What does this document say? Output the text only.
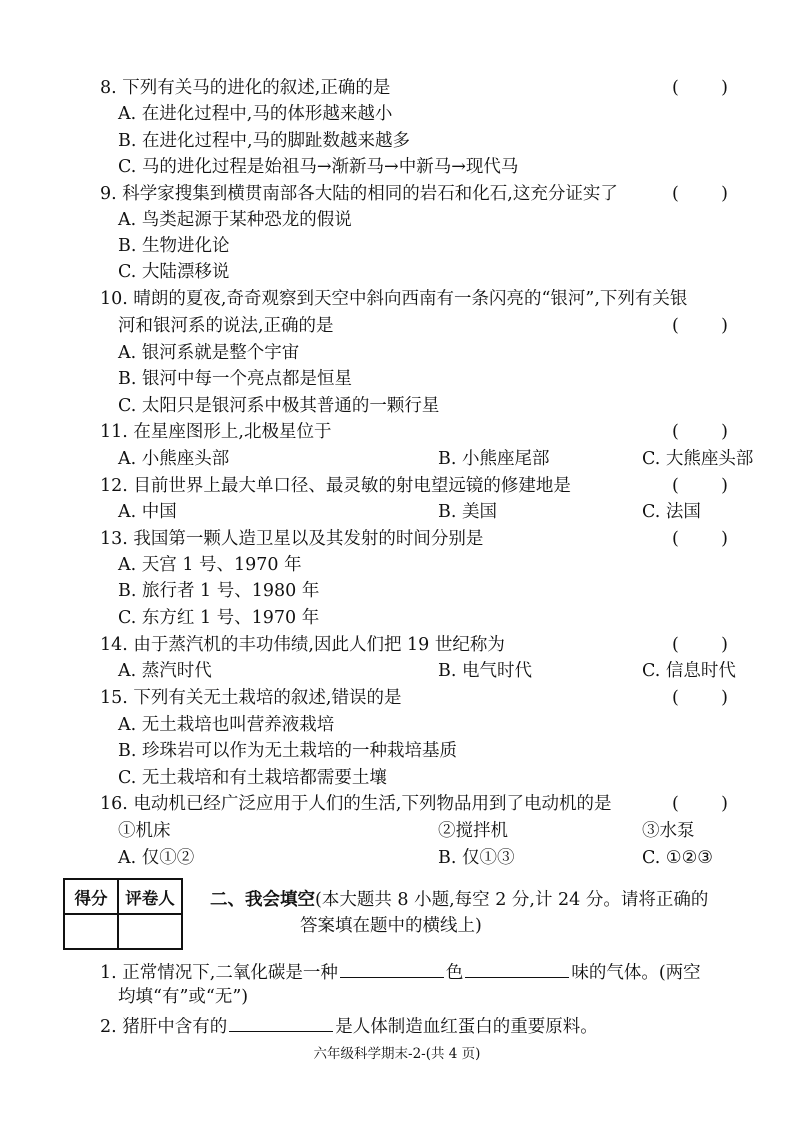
8. 下列有关马的进化的叙述,正确的是	( )
A. 在进化过程中,马的体形越来越小
B. 在进化过程中,马的脚趾数越来越多
C. 马的进化过程是始祖马→渐新马→中新马→现代马
9. 科学家搜集到横贯南部各大陆的相同的岩石和化石,这充分证实了	( )
A. 鸟类起源于某种恐龙的假说
B. 生物进化论
C. 大陆漂移说
10. 晴朗的夏夜,奇奇观察到天空中斜向西南有一条闪亮的“银河”,下列有关银
河和银河系的说法,正确的是	( )
A. 银河系就是整个宇宙
B. 银河中每一个亮点都是恒星
C. 太阳只是银河系中极其普通的一颗行星
11. 在星座图形上,北极星位于	( )
A. 小熊座头部	B. 小熊座尾部	C. 大熊座头部
12. 目前世界上最大单口径、最灵敏的射电望远镜的修建地是	( )
A. 中国	B. 美国	C. 法国
13. 我国第一颗人造卫星以及其发射的时间分别是	( )
A. 天宫 1 号、1970 年
B. 旅行者 1 号、1980 年
C. 东方红 1 号、1970 年
14. 由于蒸汽机的丰功伟绩,因此人们把 19 世纪称为	( )
A. 蒸汽时代	B. 电气时代	C. 信息时代
15. 下列有关无土栽培的叙述,错误的是	( )
A. 无土栽培也叫营养液栽培
B. 珍珠岩可以作为无土栽培的一种栽培基质
C. 无土栽培和有土栽培都需要土壤
16. 电动机已经广泛应用于人们的生活,下列物品用到了电动机的是	( )
①机床	②搅拌机	③水泵
A. 仅①②	B. 仅①③	C. ①②③
得分	评卷人
	二、我会填空(本大题共 8 小题,每空 2 分,计 24 分。请将正确的
答案填在题中的横线上)
1. 正常情况下,二氧化碳是一种	色	味的气体。(两空
均填“有”或“无”)
2. 猪肝中含有的	是人体制造血红蛋白的重要原料。
六年级科学期末-2-(共 4 页)
